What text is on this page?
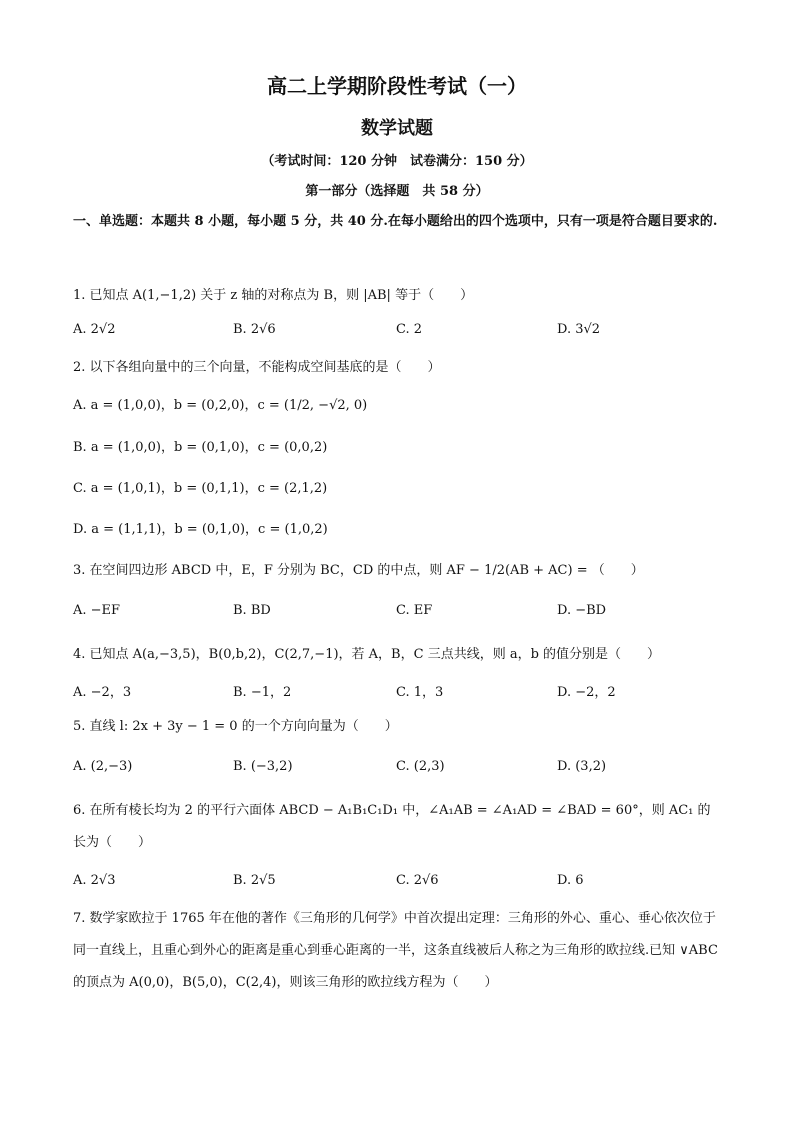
高二上学期阶段性考试（一）
数学试题
（考试时间：120 分钟　试卷满分：150 分）
第一部分（选择题　共 58 分）
一、单选题：本题共 8 小题，每小题 5 分，共 40 分.在每小题给出的四个选项中，只有一项是符合题目要求的.
1. 已知点 A(1,−1,2) 关于 z 轴的对称点为 B，则 |AB| 等于（　　）
A. 2√2	B. 2√6	C. 2	D. 3√2
2. 以下各组向量中的三个向量，不能构成空间基底的是（　　）
A. a = (1,0,0)，b = (0,2,0)，c = (1/2, −√2, 0)
B. a = (1,0,0)，b = (0,1,0)，c = (0,0,2)
C. a = (1,0,1)，b = (0,1,1)，c = (2,1,2)
D. a = (1,1,1)，b = (0,1,0)，c = (1,0,2)
3. 在空间四边形 ABCD 中，E，F 分别为 BC，CD 的中点，则 AF − 1/2(AB + AC) = （　　）
A. −EF	B. BD	C. EF	D. −BD
4. 已知点 A(a,−3,5)，B(0,b,2)，C(2,7,−1)，若 A，B，C 三点共线，则 a，b 的值分别是（　　）
A. −2，3	B. −1，2	C. 1，3	D. −2，2
5. 直线 l: 2x + 3y − 1 = 0 的一个方向向量为（　　）
A. (2,−3)	B. (−3,2)	C. (2,3)	D. (3,2)
6. 在所有棱长均为 2 的平行六面体 ABCD − A₁B₁C₁D₁ 中，∠A₁AB = ∠A₁AD = ∠BAD = 60°，则 AC₁ 的长为（　　）
A. 2√3	B. 2√5	C. 2√6	D. 6
7. 数学家欧拉于 1765 年在他的著作《三角形的几何学》中首次提出定理：三角形的外心、重心、垂心依次位于同一直线上，且重心到外心的距离是重心到垂心距离的一半，这条直线被后人称之为三角形的欧拉线.已知 ∨ABC 的顶点为 A(0,0)，B(5,0)，C(2,4)，则该三角形的欧拉线方程为（　　）
